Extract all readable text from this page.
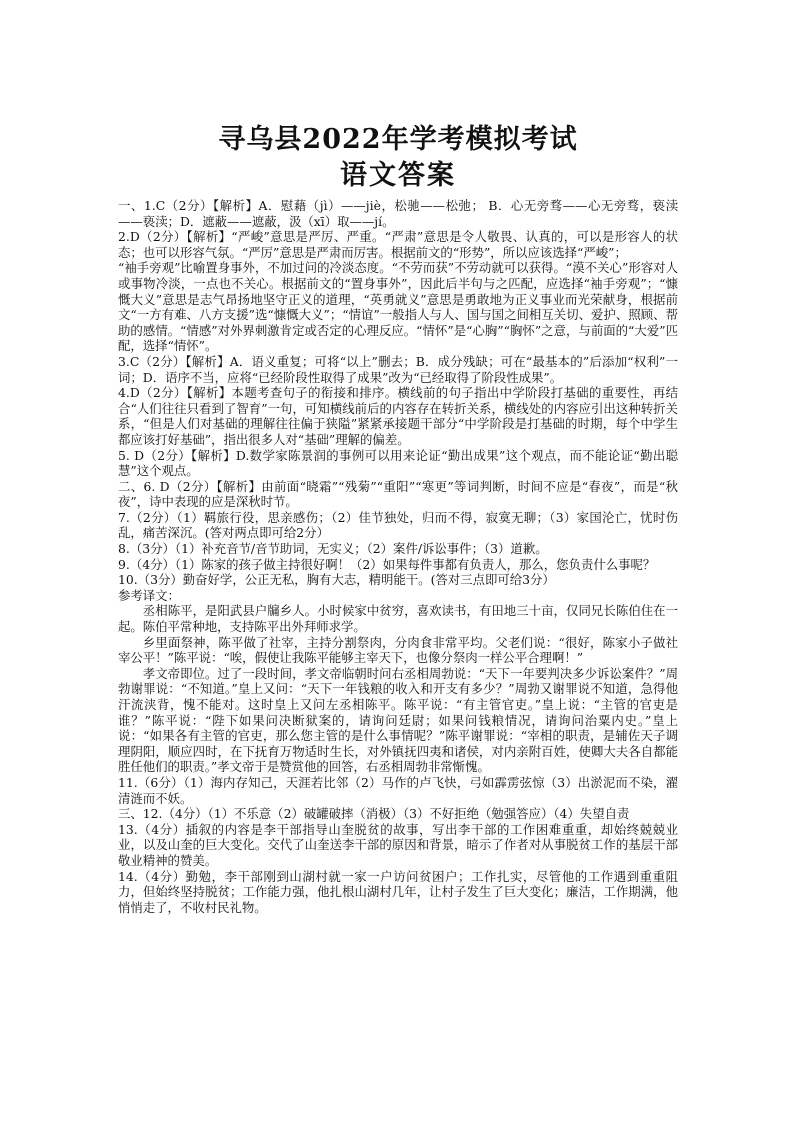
寻乌县2022年学考模拟考试
语文答案

一、1.C（2分）【解析】A．慰藉（jì）——jiè，松驰——松弛； B．心无旁骛——心无旁骛，亵渎——亵渎；D．遮蔽——遮蔽，汲（xī）取——jí。

2.D（2分）【解析】“严峻”意思是严厉、严重。“严肃”意思是令人敬畏、认真的，可以是形容人的状态；也可以形容气氛。“严厉”意思是严肃而厉害。根据前文的“形势”，所以应该选择“严峻”；

“袖手旁观”比喻置身事外，不加过问的冷淡态度。“不劳而获”不劳动就可以获得。“漠不关心”形容对人或事物冷淡，一点也不关心。根据前文的“置身事外”，因此后半句与之匹配，应选择“袖手旁观”；“慷慨大义”意思是志气昂扬地坚守正义的道理，“英勇就义”意思是勇敢地为正义事业而光荣献身，根据前文“一方有难、八方支援”选“慷慨大义”；“情谊”一般指人与人、国与国之间相互关切、爱护、照顾、帮助的感情。“情感”对外界刺激肯定或否定的心理反应。“情怀”是“心胸”“胸怀”之意，与前面的“大爱”匹配，选择“情怀”。

3.C（2分）【解析】A．语义重复；可将“以上”删去；B．成分残缺；可在“最基本的”后添加“权利”一词；D．语序不当，应将“已经阶段性取得了成果”改为“已经取得了阶段性成果”。

4.D（2分）【解析】本题考查句子的衔接和排序。横线前的句子指出中学阶段打基础的重要性，再结合“人们往往只看到了智育”一句，可知横线前后的内容存在转折关系，横线处的内容应引出这种转折关系，“但是人们对基础的理解往往偏于狭隘”紧紧承接题干部分“中学阶段是打基础的时期，每个中学生都应该打好基础”，指出很多人对“基础”理解的偏差。

5. D（2分）【解析】D.数学家陈景润的事例可以用来论证“勤出成果”这个观点，而不能论证“勤出聪慧”这个观点。

二、6. D（2分）【解析】由前面“晓霜”“残菊”“重阳”“寒更”等词判断，时间不应是“春夜”，而是“秋夜”，诗中表现的应是深秋时节。

7.（2分）（1）羁旅行役，思亲感伤；（2）佳节独处，归而不得，寂寞无聊；（3）家国沦亡，忧时伤乱，痛苦深沉。(答对两点即可给2分）

8.（3分）（1）补充音节/音节助词，无实义；（2）案件/诉讼事件；（3）道歉。

9.（4分）（1）陈家的孩子做主持很好啊！（2）如果每件事都有负责人，那么，您负责什么事呢？

10.（3分）勤奋好学，公正无私，胸有大志，精明能干。(答对三点即可给3分）

参考译文：

丞相陈平，是阳武县户牖乡人。小时候家中贫穷，喜欢读书，有田地三十亩，仅同兄长陈伯住在一起。陈伯平常种地，支持陈平出外拜师求学。

乡里面祭神，陈平做了社宰，主持分割祭肉，分肉食非常平均。父老们说：“很好，陈家小子做社宰公平！”陈平说：“唉，假使让我陈平能够主宰天下，也像分祭肉一样公平合理啊！”

孝文帝即位。过了一段时间，孝文帝临朝时问右丞相周勃说：“天下一年要判决多少诉讼案件？”周勃谢罪说：“不知道。”皇上又问：“天下一年钱粮的收入和开支有多少？”周勃又谢罪说不知道，急得他汗流浃背，愧不能对。这时皇上又问左丞相陈平。陈平说：“有主管官吏。”皇上说：“主管的官吏是谁？”陈平说：“陛下如果问决断狱案的，请询问廷尉；如果问钱粮情况，请询问治粟内史。”皇上说：“如果各有主管的官吏，那么您主管的是什么事情呢？”陈平谢罪说：“宰相的职责，是辅佐天子调理阴阳，顺应四时，在下抚育万物适时生长，对外镇抚四夷和诸侯，对内亲附百姓，使卿大夫各自都能胜任他们的职责。”孝文帝于是赞赏他的回答，右丞相周勃非常惭愧。

11.（6分）（1）海内存知己，天涯若比邻（2）马作的卢飞快，弓如霹雳弦惊（3）出淤泥而不染，濯清涟而不妖。

三、12.（4分）（1）不乐意（2）破罐破摔（消极）（3）不好拒绝（勉强答应）（4）失望自责

13.（4分）插叙的内容是李干部指导山奎脱贫的故事，写出李干部的工作困难重重，却始终兢兢业业，以及山奎的巨大变化。交代了山奎送李干部的原因和背景，暗示了作者对从事脱贫工作的基层干部敬业精神的赞美。

14.（4分）勤勉，李干部刚到山湖村就一家一户访问贫困户；工作扎实，尽管他的工作遇到重重阻力，但始终坚持脱贫；工作能力强，他扎根山湖村几年，让村子发生了巨大变化；廉洁，工作期满，他悄悄走了，不收村民礼物。
